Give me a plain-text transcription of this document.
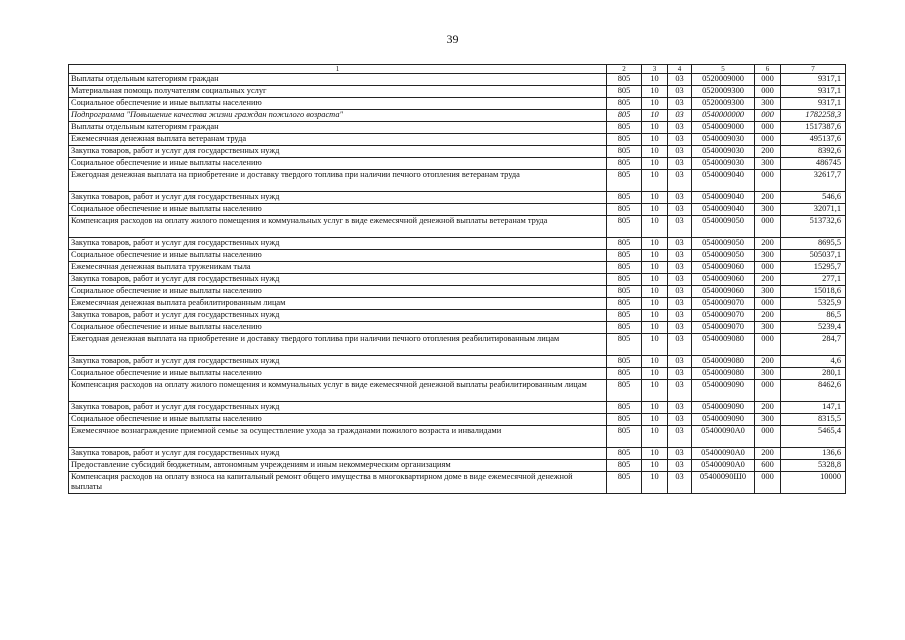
39
1	2	3	4	5	6	7
Выплаты отдельным категориям граждан	805	10	03	0520009000	000	9317,1
Материальная помощь получателям социальных услуг	805	10	03	0520009300	000	9317,1
Социальное обеспечение и иные выплаты населению	805	10	03	0520009300	300	9317,1
Подпрограмма "Повышение качества жизни граждан пожилого возраста"	805	10	03	0540000000	000	1782258,3
Выплаты отдельным категориям граждан	805	10	03	0540009000	000	1517387,6
Ежемесячная денежная выплата ветеранам труда	805	10	03	0540009030	000	495137,6
Закупка товаров, работ и услуг для государственных нужд	805	10	03	0540009030	200	8392,6
Социальное обеспечение и иные выплаты населению	805	10	03	0540009030	300	486745
Ежегодная денежная выплата на приобретение и доставку твердого топлива при наличии печного отопления ветеранам труда	805	10	03	0540009040	000	32617,7
Закупка товаров, работ и услуг для государственных нужд	805	10	03	0540009040	200	546,6
Социальное обеспечение и иные выплаты населению	805	10	03	0540009040	300	32071,1
Компенсация расходов на оплату жилого помещения и коммунальных услуг в виде ежемесячной денежной выплаты ветеранам труда	805	10	03	0540009050	000	513732,6
Закупка товаров, работ и услуг для государственных нужд	805	10	03	0540009050	200	8695,5
Социальное обеспечение и иные выплаты населению	805	10	03	0540009050	300	505037,1
Ежемесячная денежная выплата труженикам тыла	805	10	03	0540009060	000	15295,7
Закупка товаров, работ и услуг для государственных нужд	805	10	03	0540009060	200	277,1
Социальное обеспечение и иные выплаты населению	805	10	03	0540009060	300	15018,6
Ежемесячная денежная выплата реабилитированным лицам	805	10	03	0540009070	000	5325,9
Закупка товаров, работ и услуг для государственных нужд	805	10	03	0540009070	200	86,5
Социальное обеспечение и иные выплаты населению	805	10	03	0540009070	300	5239,4
Ежегодная денежная выплата на приобретение и доставку твердого топлива при наличии печного отопления реабилитированным лицам	805	10	03	0540009080	000	284,7
Закупка товаров, работ и услуг для государственных нужд	805	10	03	0540009080	200	4,6
Социальное обеспечение и иные выплаты населению	805	10	03	0540009080	300	280,1
Компенсация расходов на оплату жилого помещения и коммунальных услуг в виде ежемесячной денежной выплаты реабилитированным лицам	805	10	03	0540009090	000	8462,6
Закупка товаров, работ и услуг для государственных нужд	805	10	03	0540009090	200	147,1
Социальное обеспечение и иные выплаты населению	805	10	03	0540009090	300	8315,5
Ежемесячное вознаграждение приемной семье за осуществление ухода за гражданами пожилого возраста и инвалидами	805	10	03	05400090А0	000	5465,4
Закупка товаров, работ и услуг для государственных нужд	805	10	03	05400090А0	200	136,6
Предоставление субсидий бюджетным, автономным учреждениям и иным некоммерческим организациям	805	10	03	05400090А0	600	5328,8
Компенсация расходов на оплату взноса на капитальный ремонт общего имущества в многоквартирном доме в виде ежемесячной денежной выплаты	805	10	03	05400090Ш0	000	10000
